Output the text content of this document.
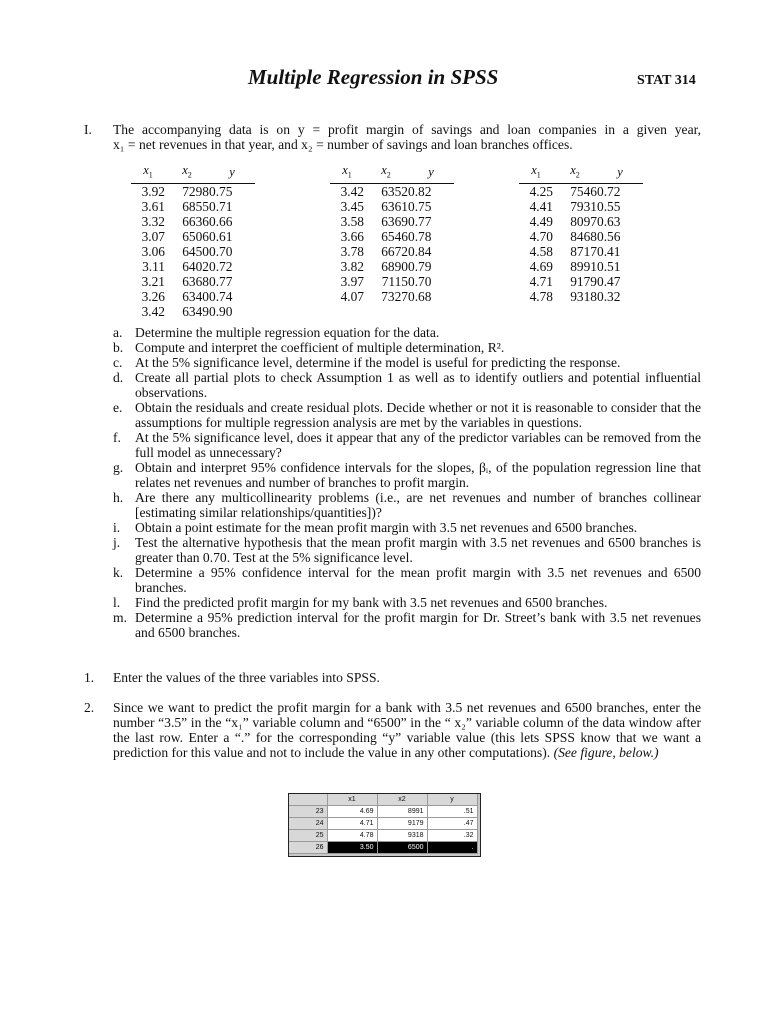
Multiple Regression in SPSS	STAT 314
I. The accompanying data is on y = profit margin of savings and loan companies in a given year,
x₁ = net revenues in that year, and x₂ = number of savings and loan branches offices.
$x_1$	$x_2$	y
3.92	7298	0.75
3.61	6855	0.71
3.32	6636	0.66
3.07	6506	0.61
3.06	6450	0.70
3.11	6402	0.72
3.21	6368	0.77
3.26	6340	0.74
3.42	6349	0.90
$x_1$	$x_2$	y
3.42	6352	0.82
3.45	6361	0.75
3.58	6369	0.77
3.66	6546	0.78
3.78	6672	0.84
3.82	6890	0.79
3.97	7115	0.70
4.07	7327	0.68
$x_1$	$x_2$	y
4.25	7546	0.72
4.41	7931	0.55
4.49	8097	0.63
4.70	8468	0.56
4.58	8717	0.41
4.69	8991	0.51
4.71	9179	0.47
4.78	9318	0.32
a. Determine the multiple regression equation for the data.
b. Compute and interpret the coefficient of multiple determination, R².
c. At the 5% significance level, determine if the model is useful for predicting the response.
d. Create all partial plots to check Assumption 1 as well as to identify outliers and potential influential observations.
e. Obtain the residuals and create residual plots. Decide whether or not it is reasonable to consider that the assumptions for multiple regression analysis are met by the variables in questions.
f. At the 5% significance level, does it appear that any of the predictor variables can be removed from the full model as unnecessary?
g. Obtain and interpret 95% confidence intervals for the slopes, βᵢ, of the population regression line that relates net revenues and number of branches to profit margin.
h. Are there any multicollinearity problems (i.e., are net revenues and number of branches collinear [estimating similar relationships/quantities])?
i. Obtain a point estimate for the mean profit margin with 3.5 net revenues and 6500 branches.
j. Test the alternative hypothesis that the mean profit margin with 3.5 net revenues and 6500 branches is greater than 0.70. Test at the 5% significance level.
k. Determine a 95% confidence interval for the mean profit margin with 3.5 net revenues and 6500 branches.
l. Find the predicted profit margin for my bank with 3.5 net revenues and 6500 branches.
m. Determine a 95% prediction interval for the profit margin for Dr. Street’s bank with 3.5 net revenues and 6500 branches.
1. Enter the values of the three variables into SPSS.
2. Since we want to predict the profit margin for a bank with 3.5 net revenues and 6500 branches, enter the number “3.5” in the “x₁” variable column and “6500” in the “ x₂” variable column of the data window after the last row. Enter a “.” for the corresponding “y” variable value (this lets SPSS know that we want a prediction for this value and not to include the value in any other computations). (See figure, below.)
	x1	x2	y
23	4.69	8991	.51
24	4.71	9179	.47
25	4.78	9318	.32
26	3.50	6500	.
